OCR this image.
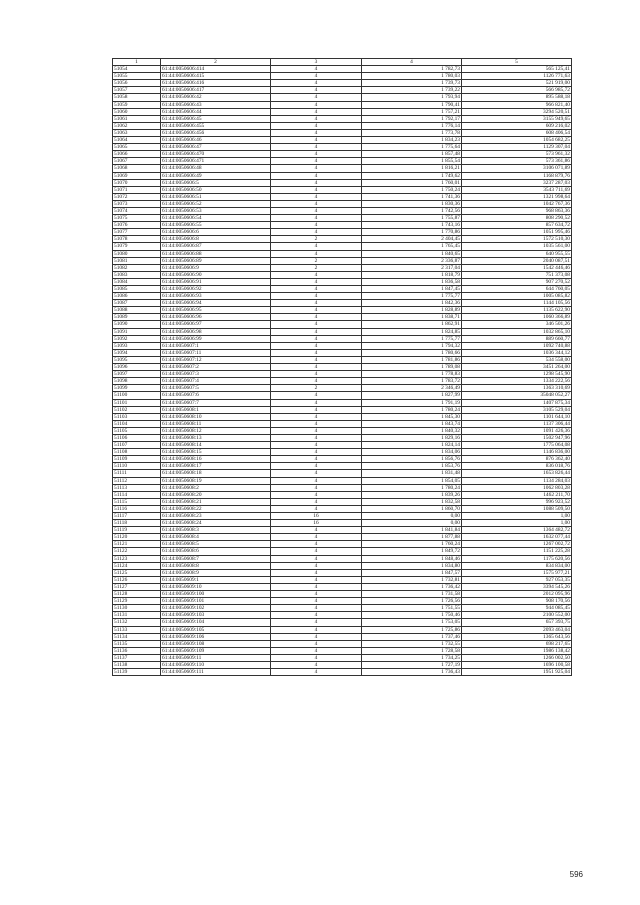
1	2	3	4	5
51054	61:44:0050606:414	4	1 782,73	565 125,41
51055	61:44:0050606:415	4	1 780,03	1126 771,63
51056	61:44:0050606:416	4	1 739,73	521 919,00
51057	61:44:0050606:417	4	1 739,22	566 985,72
51058	61:44:0050606:42	4	1 793,94	895 588,18
51059	61:44:0050606:43	4	1 790,41	966 821,40
51060	61:44:0050606:44	4	1 757,21	3294 520,51
51061	61:44:0050606:45	4	1 792,17	3155 949,65
51062	61:44:0050606:455	4	1 776,14	609 216,02
51063	61:44:0050606:456	4	1 773,78	608 406,54
51064	61:44:0050606:46	4	1 834,23	1054 682,25
51065	61:44:0050606:47	4	1 775,64	1129 307,04
51066	61:44:0050606:470	4	1 857,48	573 961,32
51067	61:44:0050606:471	4	1 855,54	573 361,86
51068	61:44:0050606:48	4	1 816,21	3106 071,89
51069	61:44:0050606:49	4	1 749,62	1168 879,76
51070	61:44:0050606:5	4	1 760,01	3237 287,03
51071	61:44:0050606:50	4	1 750,24	3543 711,69
51072	61:44:0050606:51	4	1 741,36	1321 998,64
51073	61:44:0050606:52	4	1 830,36	1042 767,36
51074	61:44:0050606:53	4	1 742,56	968 863,36
51075	61:44:0050606:54	4	1 755,87	808 290,52
51076	61:44:0050606:55	4	1 743,16	857 634,72
51077	61:44:0050606:6	4	1 770,86	1051 995,46
51078	61:44:0050606:8	2	2 404,45	1572 510,30
51079	61:44:0050606:87	4	1 765,45	1035 561,00
51080	61:44:0050606:88	4	1 840,65	640 955,55
51081	61:44:0050606:89	2	2 336,87	2040 087,51
51082	61:44:0050606:9	2	2 317,04	1542 446,46
51083	61:44:0050606:90	4	1 818,79	751 373,08
51084	61:44:0050606:91	4	1 836,58	907 270,52
51085	61:44:0050606:92	4	1 847,45	644 760,05
51086	61:44:0050606:93	4	1 775,77	1005 085,82
51087	61:44:0050606:94	4	1 842,36	1144 105,56
51088	61:44:0050606:95	4	1 828,89	1135 622,90
51089	61:44:0050606:96	4	1 838,71	1060 366,89
51090	61:44:0050606:97	4	1 862,91	346 501,26
51091	61:44:0050606:98	4	1 824,85	1032 865,10
51092	61:44:0050606:99	4	1 775,77	889 660,77
51093	61:44:0050607:1	4	1 794,32	1092 740,88
51094	61:44:0050607:11	4	1 780,66	1036 344,12
51095	61:44:0050607:12	4	1 781,86	534 558,00
51096	61:44:0050607:2	4	1 789,08	3451 264,00
51097	61:44:0050607:3	4	1 778,83	1298 545,90
51098	61:44:0050607:4	4	1 783,72	1334 222,56
51099	61:44:0050607:5	2	2 346,49	1363 310,69
51100	61:44:0050607:6	4	1 827,99	35048 052,27
51101	61:44:0050607:7	4	1 791,19	1407 875,34
51102	61:44:0050608:1	4	1 780,24	3105 529,04
51103	61:44:0050608:10	4	1 845,30	1101 644,10
51104	61:44:0050608:11	4	1 843,74	1137 306,44
51105	61:44:0050608:12	4	1 840,32	1091 426,36
51106	61:44:0050608:13	4	1 829,16	1502 947,96
51107	61:44:0050608:14	4	1 824,14	1775 064,08
51108	61:44:0050608:15	4	1 834,06	1146 836,00
51109	61:44:0050608:16	4	1 856,76	876 362,40
51110	61:44:0050608:17	4	1 853,76	836 018,76
51111	61:44:0050608:18	4	1 831,48	1653 826,44
51112	61:44:0050608:19	4	1 854,05	1134 284,03
51113	61:44:0050608:2	4	1 780,24	1062 803,28
51114	61:44:0050608:20	4	1 839,26	1462 211,70
51115	61:44:0050608:21	4	1 832,58	996 923,52
51116	61:44:0050608:22	4	1 860,70	1088 509,50
51117	61:44:0050608:23	16	0,00	1,00
51118	61:44:0050608:24	16	0,00	1,00
51119	61:44:0050608:3	4	1 841,84	1364 482,72
51120	61:44:0050608:4	4	1 877,88	1632 077,44
51121	61:44:0050608:5	4	1 760,24	1267 002,72
51122	61:44:0050608:6	4	1 849,72	1151 225,28
51123	61:44:0050608:7	4	1 848,46	1175 620,56
51124	61:44:0050608:8	4	1 834,80	834 834,00
51125	61:44:0050608:9	4	1 847,57	1575 977,21
51126	61:44:0050609:1	4	1 732,81	927 053,35
51127	61:44:0050609:10	4	1 736,42	3394 545,26
51128	61:44:0050609:100	4	1 731,58	2012 095,96
51129	61:44:0050609:101	4	1 726,56	908 170,56
51130	61:44:0050609:102	4	1 751,55	944 085,45
51131	61:44:0050609:103	4	1 750,46	2100 552,00
51132	61:44:0050609:104	4	1 753,05	657 393,75
51133	61:44:0050609:105	4	1 725,86	2093 463,04
51134	61:44:0050609:106	4	1 737,46	1365 643,56
51135	61:44:0050609:108	4	1 732,55	698 217,65
51136	61:44:0050609:109	4	1 728,58	1986 138,42
51137	61:44:0050609:11	4	1 734,25	1266 002,50
51138	61:44:0050609:110	4	1 727,19	1696 100,58
51139	61:44:0050609:111	4	1 736,43	1951 925,04
596
